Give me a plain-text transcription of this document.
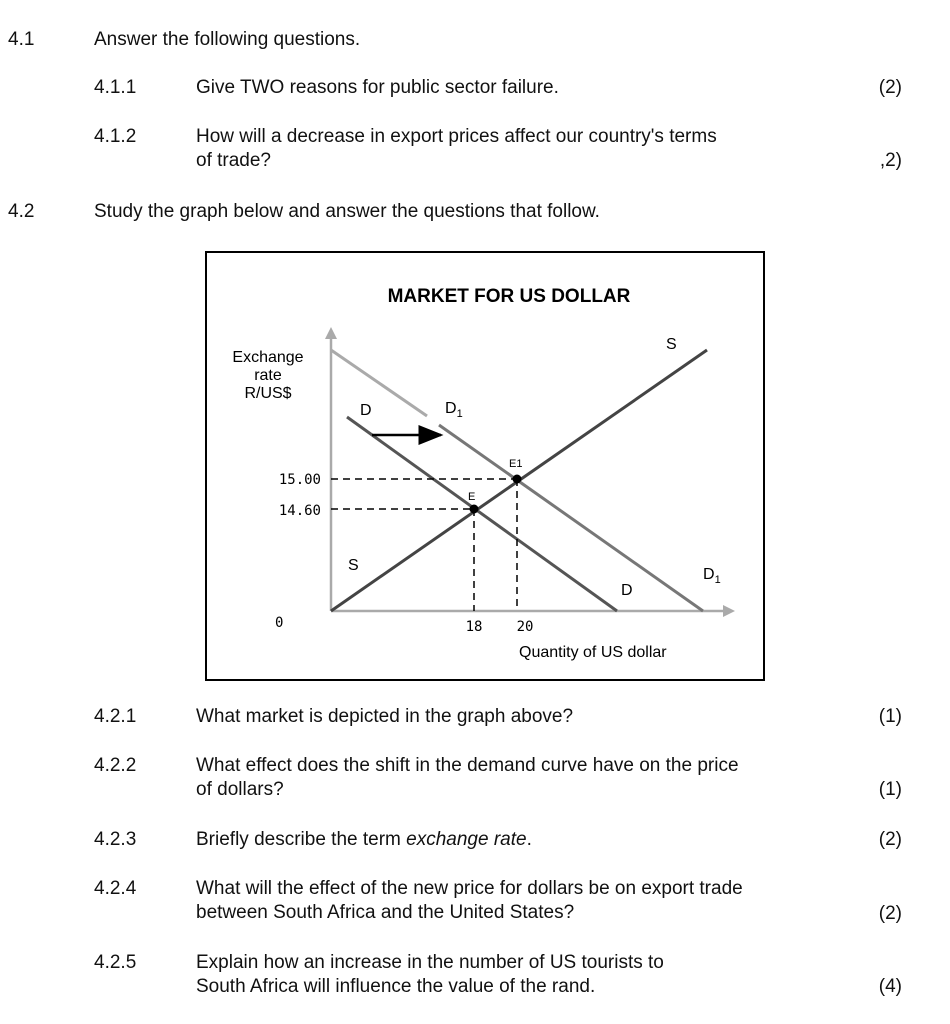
4.1	Answer the following questions.
4.1.1	Give TWO reasons for public sector failure.	(2)
4.1.2	How will a decrease in export prices affect our country's terms
of trade?	,2)
4.2	Study the graph below and answer the questions that follow.
MARKET FOR US DOLLAR
Exchange
rate
R/US$
Quantity of US dollar
0
E
E1
15.00
14.60
18 20
S
S
D
D
$D_1$
$D_1$
4.2.1	What market is depicted in the graph above?	(1)
4.2.2	What effect does the shift in the demand curve have on the price
of dollars?	(1)
4.2.3	Briefly describe the term exchange rate.	(2)
4.2.4	What will the effect of the new price for dollars be on export trade
between South Africa and the United States?	(2)
4.2.5	Explain how an increase in the number of US tourists to
South Africa will influence the value of the rand.	(4)
